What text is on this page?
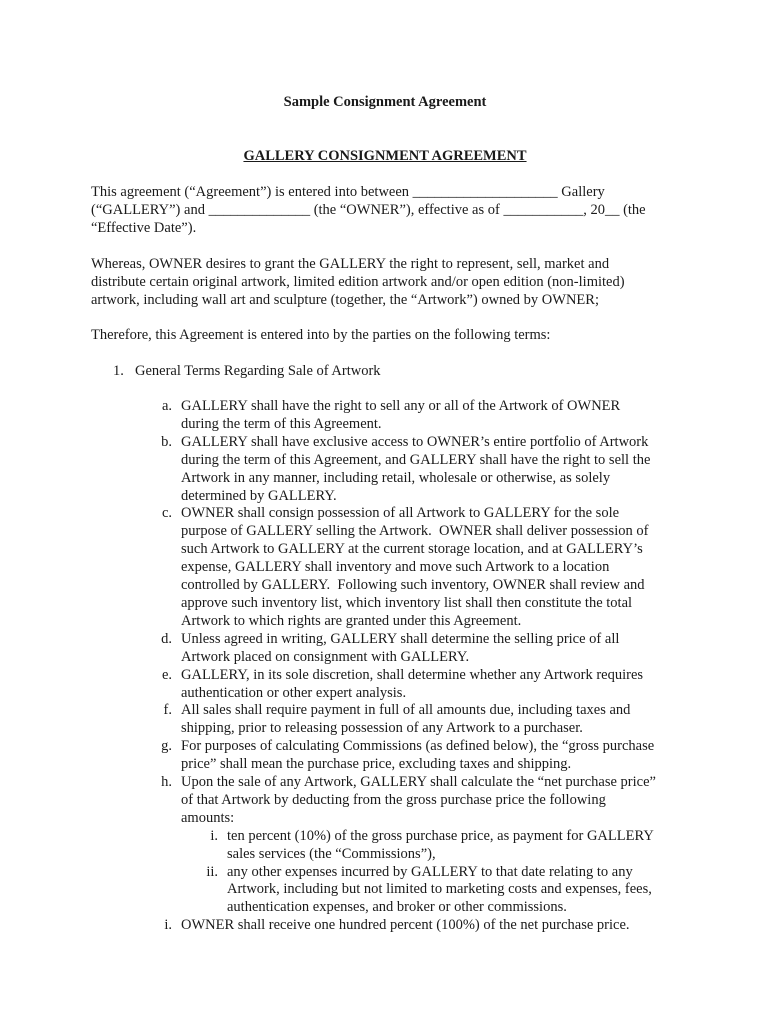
Sample Consignment Agreement
GALLERY CONSIGNMENT AGREEMENT
This agreement (“Agreement”) is entered into between ____________________ Gallery
(“GALLERY”) and ______________ (the “OWNER”), effective as of ___________, 20__ (the
“Effective Date”).
Whereas, OWNER desires to grant the GALLERY the right to represent, sell, market and
distribute certain original artwork, limited edition artwork and/or open edition (non-limited)
artwork, including wall art and sculpture (together, the “Artwork”) owned by OWNER;
Therefore, this Agreement is entered into by the parties on the following terms:
1. General Terms Regarding Sale of Artwork
a. GALLERY shall have the right to sell any or all of the Artwork of OWNER
during the term of this Agreement.
b. GALLERY shall have exclusive access to OWNER’s entire portfolio of Artwork
during the term of this Agreement, and GALLERY shall have the right to sell the
Artwork in any manner, including retail, wholesale or otherwise, as solely
determined by GALLERY.
c. OWNER shall consign possession of all Artwork to GALLERY for the sole
purpose of GALLERY selling the Artwork.  OWNER shall deliver possession of
such Artwork to GALLERY at the current storage location, and at GALLERY’s
expense, GALLERY shall inventory and move such Artwork to a location
controlled by GALLERY.  Following such inventory, OWNER shall review and
approve such inventory list, which inventory list shall then constitute the total
Artwork to which rights are granted under this Agreement.
d. Unless agreed in writing, GALLERY shall determine the selling price of all
Artwork placed on consignment with GALLERY.
e. GALLERY, in its sole discretion, shall determine whether any Artwork requires
authentication or other expert analysis.
f. All sales shall require payment in full of all amounts due, including taxes and
shipping, prior to releasing possession of any Artwork to a purchaser.
g. For purposes of calculating Commissions (as defined below), the “gross purchase
price” shall mean the purchase price, excluding taxes and shipping.
h. Upon the sale of any Artwork, GALLERY shall calculate the “net purchase price”
of that Artwork by deducting from the gross purchase price the following
amounts:
i. ten percent (10%) of the gross purchase price, as payment for GALLERY
sales services (the “Commissions”),
ii. any other expenses incurred by GALLERY to that date relating to any
Artwork, including but not limited to marketing costs and expenses, fees,
authentication expenses, and broker or other commissions.
i. OWNER shall receive one hundred percent (100%) of the net purchase price.
